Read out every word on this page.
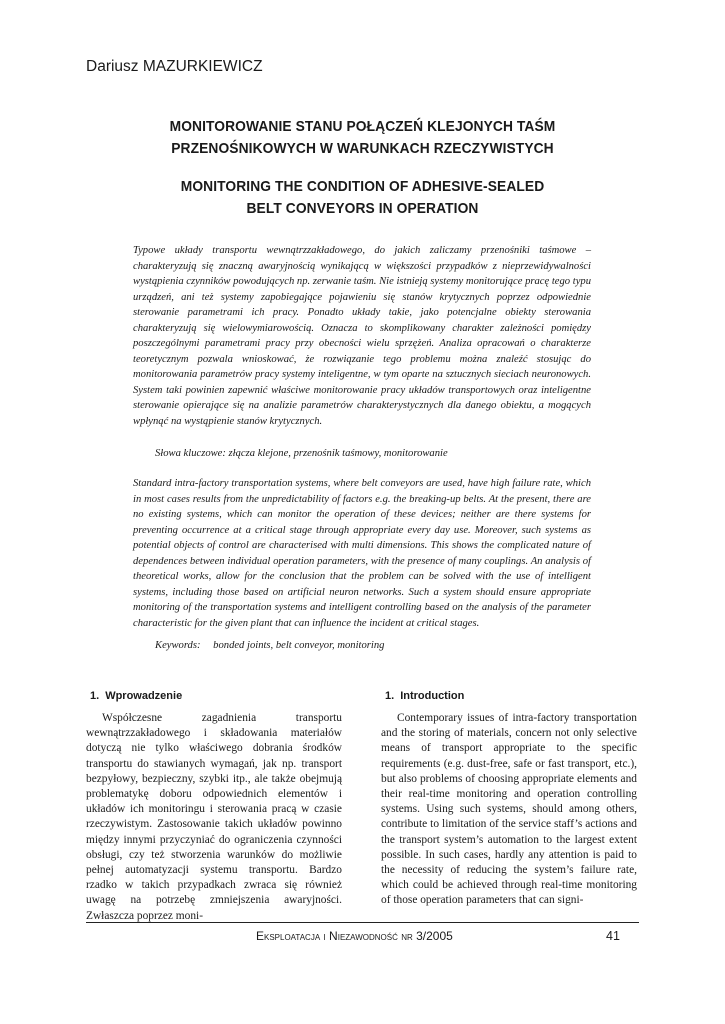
Dariusz MAZURKIEWICZ
MONITOROWANIE STANU POŁĄCZEŃ KLEJONYCH TAŚM
PRZENOŚNIKOWYCH W WARUNKACH RZECZYWISTYCH
MONITORING THE CONDITION OF ADHESIVE-SEALED
BELT CONVEYORS IN OPERATION

Typowe układy transportu wewnątrzzakładowego, do jakich zaliczamy przenośniki taśmowe – charakteryzują się znaczną awaryjnością wynikającą w większości przypadków z nieprzewidywalności wystąpienia czynników powodujących np. zerwanie taśm. Nie istnieją systemy monitorujące pracę tego typu urządzeń, ani też systemy zapobiegające pojawieniu się stanów krytycznych poprzez odpowiednie sterowanie parametrami ich pracy. Ponadto układy takie, jako potencjalne obiekty sterowania charakteryzują się wielowymiarowością. Oznacza to skomplikowany charakter zależności pomiędzy poszczególnymi parametrami pracy przy obecności wielu sprzężeń. Analiza opracowań o charakterze teoretycznym pozwala wnioskować, że rozwiązanie tego problemu można znaleźć stosując do monitorowania parametrów pracy systemy inteligentne, w tym oparte na sztucznych sieciach neuronowych. System taki powinien zapewnić właściwe monitorowanie pracy układów transportowych oraz inteligentne sterowanie opierające się na analizie parametrów charakterystycznych dla danego obiektu, a mogących wpłynąć na wystąpienie stanów krytycznych.

Słowa kluczowe: złącza klejone, przenośnik taśmowy, monitorowanie

Standard intra-factory transportation systems, where belt conveyors are used, have high failure rate, which in most cases results from the unpredictability of factors e.g. the breaking-up belts. At the present, there are no existing systems, which can monitor the operation of these devices; neither are there systems for preventing occurrence at a critical stage through appropriate every day use. Moreover, such systems as potential objects of control are characterised with multi dimensions. This shows the complicated nature of dependences between individual operation parameters, with the presence of many couplings. An analysis of theoretical works, allow for the conclusion that the problem can be solved with the use of intelligent systems, including those based on artificial neuron networks. Such a system should ensure appropriate monitoring of the transportation systems and intelligent controlling based on the analysis of the parameter characteristic for the given plant that can influence the incident at critical stages.

Keywords: bonded joints, belt conveyor, monitoring
1. Wprowadzenie

Współczesne zagadnienia transportu wewnątrzzakładowego i składowania materiałów dotyczą nie tylko właściwego dobrania środków transportu do stawianych wymagań, jak np. transport bezpyłowy, bezpieczny, szybki itp., ale także obejmują problematykę doboru odpowiednich elementów i układów ich monitoringu i sterowania pracą w czasie rzeczywistym. Zastosowanie takich układów powinno między innymi przyczyniać do ograniczenia czynności obsługi, czy też stworzenia warunków do możliwie pełnej automatyzacji systemu transportu. Bardzo rzadko w takich przypadkach zwraca się również uwagę na potrzebę zmniejszenia awaryjności. Zwłaszcza poprzez moni-

1. Introduction

Contemporary issues of intra-factory transportation and the storing of materials, concern not only selective means of transport appropriate to the specific requirements (e.g. dust-free, safe or fast transport, etc.), but also problems of choosing appropriate elements and their real-time monitoring and operation controlling systems. Using such systems, should among others, contribute to limitation of the service staff’s actions and the transport system’s automation to the largest extent possible. In such cases, hardly any attention is paid to the necessity of reducing the system’s failure rate, which could be achieved through real-time monitoring of those operation parameters that can signi-

Eksploatacja i Niezawodność nr 3/2005	41
